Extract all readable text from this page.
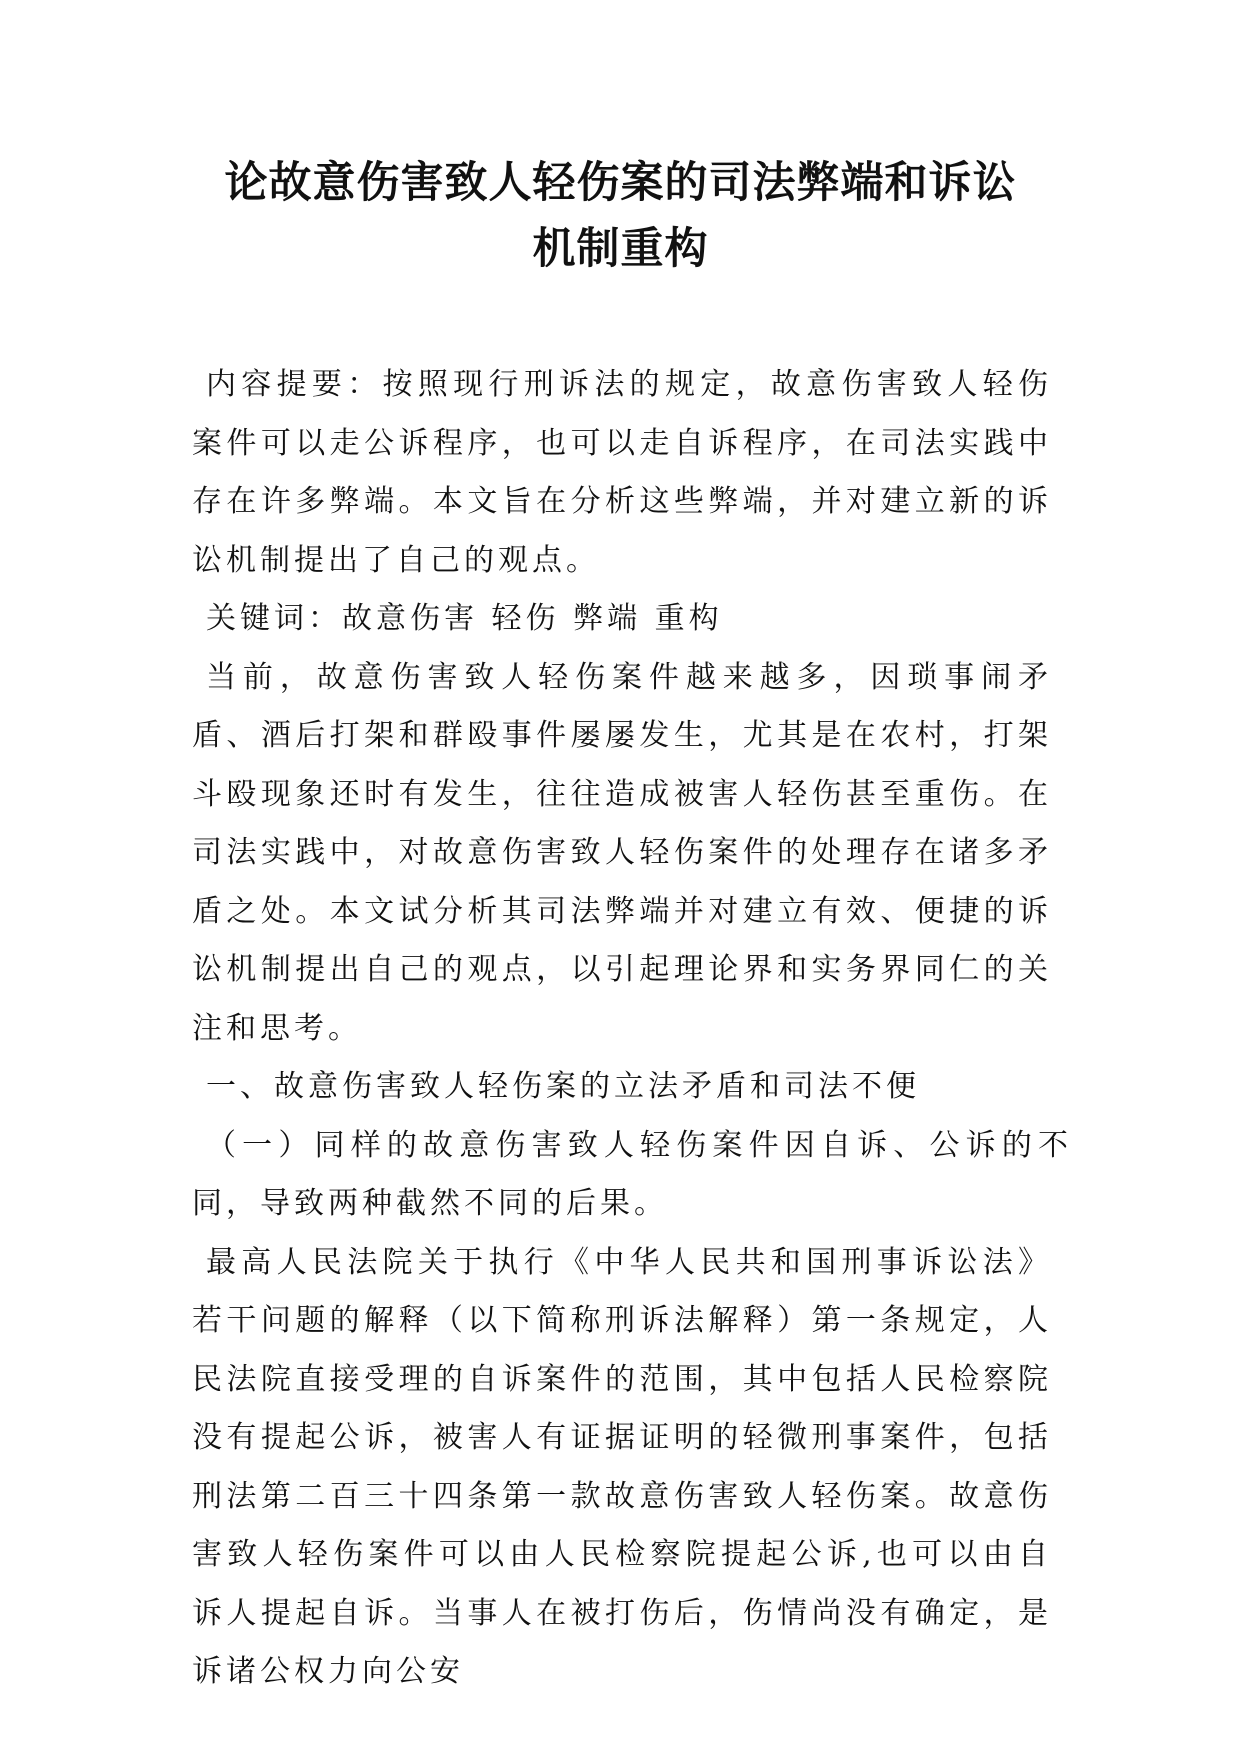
论故意伤害致人轻伤案的司法弊端和诉讼
机制重构

内容提要：按照现行刑诉法的规定，故意伤害致人轻伤案件可以走公诉程序，也可以走自诉程序，在司法实践中存在许多弊端。本文旨在分析这些弊端，并对建立新的诉讼机制提出了自己的观点。

关键词：故意伤害 轻伤 弊端 重构

当前，故意伤害致人轻伤案件越来越多，因琐事闹矛盾、酒后打架和群殴事件屡屡发生，尤其是在农村，打架斗殴现象还时有发生，往往造成被害人轻伤甚至重伤。在司法实践中，对故意伤害致人轻伤案件的处理存在诸多矛盾之处。本文试分析其司法弊端并对建立有效、便捷的诉讼机制提出自己的观点，以引起理论界和实务界同仁的关注和思考。

一、故意伤害致人轻伤案的立法矛盾和司法不便

（一）同样的故意伤害致人轻伤案件因自诉、公诉的不同，导致两种截然不同的后果。

最高人民法院关于执行《中华人民共和国刑事诉讼法》若干问题的解释（以下简称刑诉法解释）第一条规定，人民法院直接受理的自诉案件的范围，其中包括人民检察院没有提起公诉，被害人有证据证明的轻微刑事案件，包括刑法第二百三十四条第一款故意伤害致人轻伤案。故意伤害致人轻伤案件可以由人民检察院提起公诉,也可以由自诉人提起自诉。当事人在被打伤后，伤情尚没有确定，是诉诸公权力向公安
